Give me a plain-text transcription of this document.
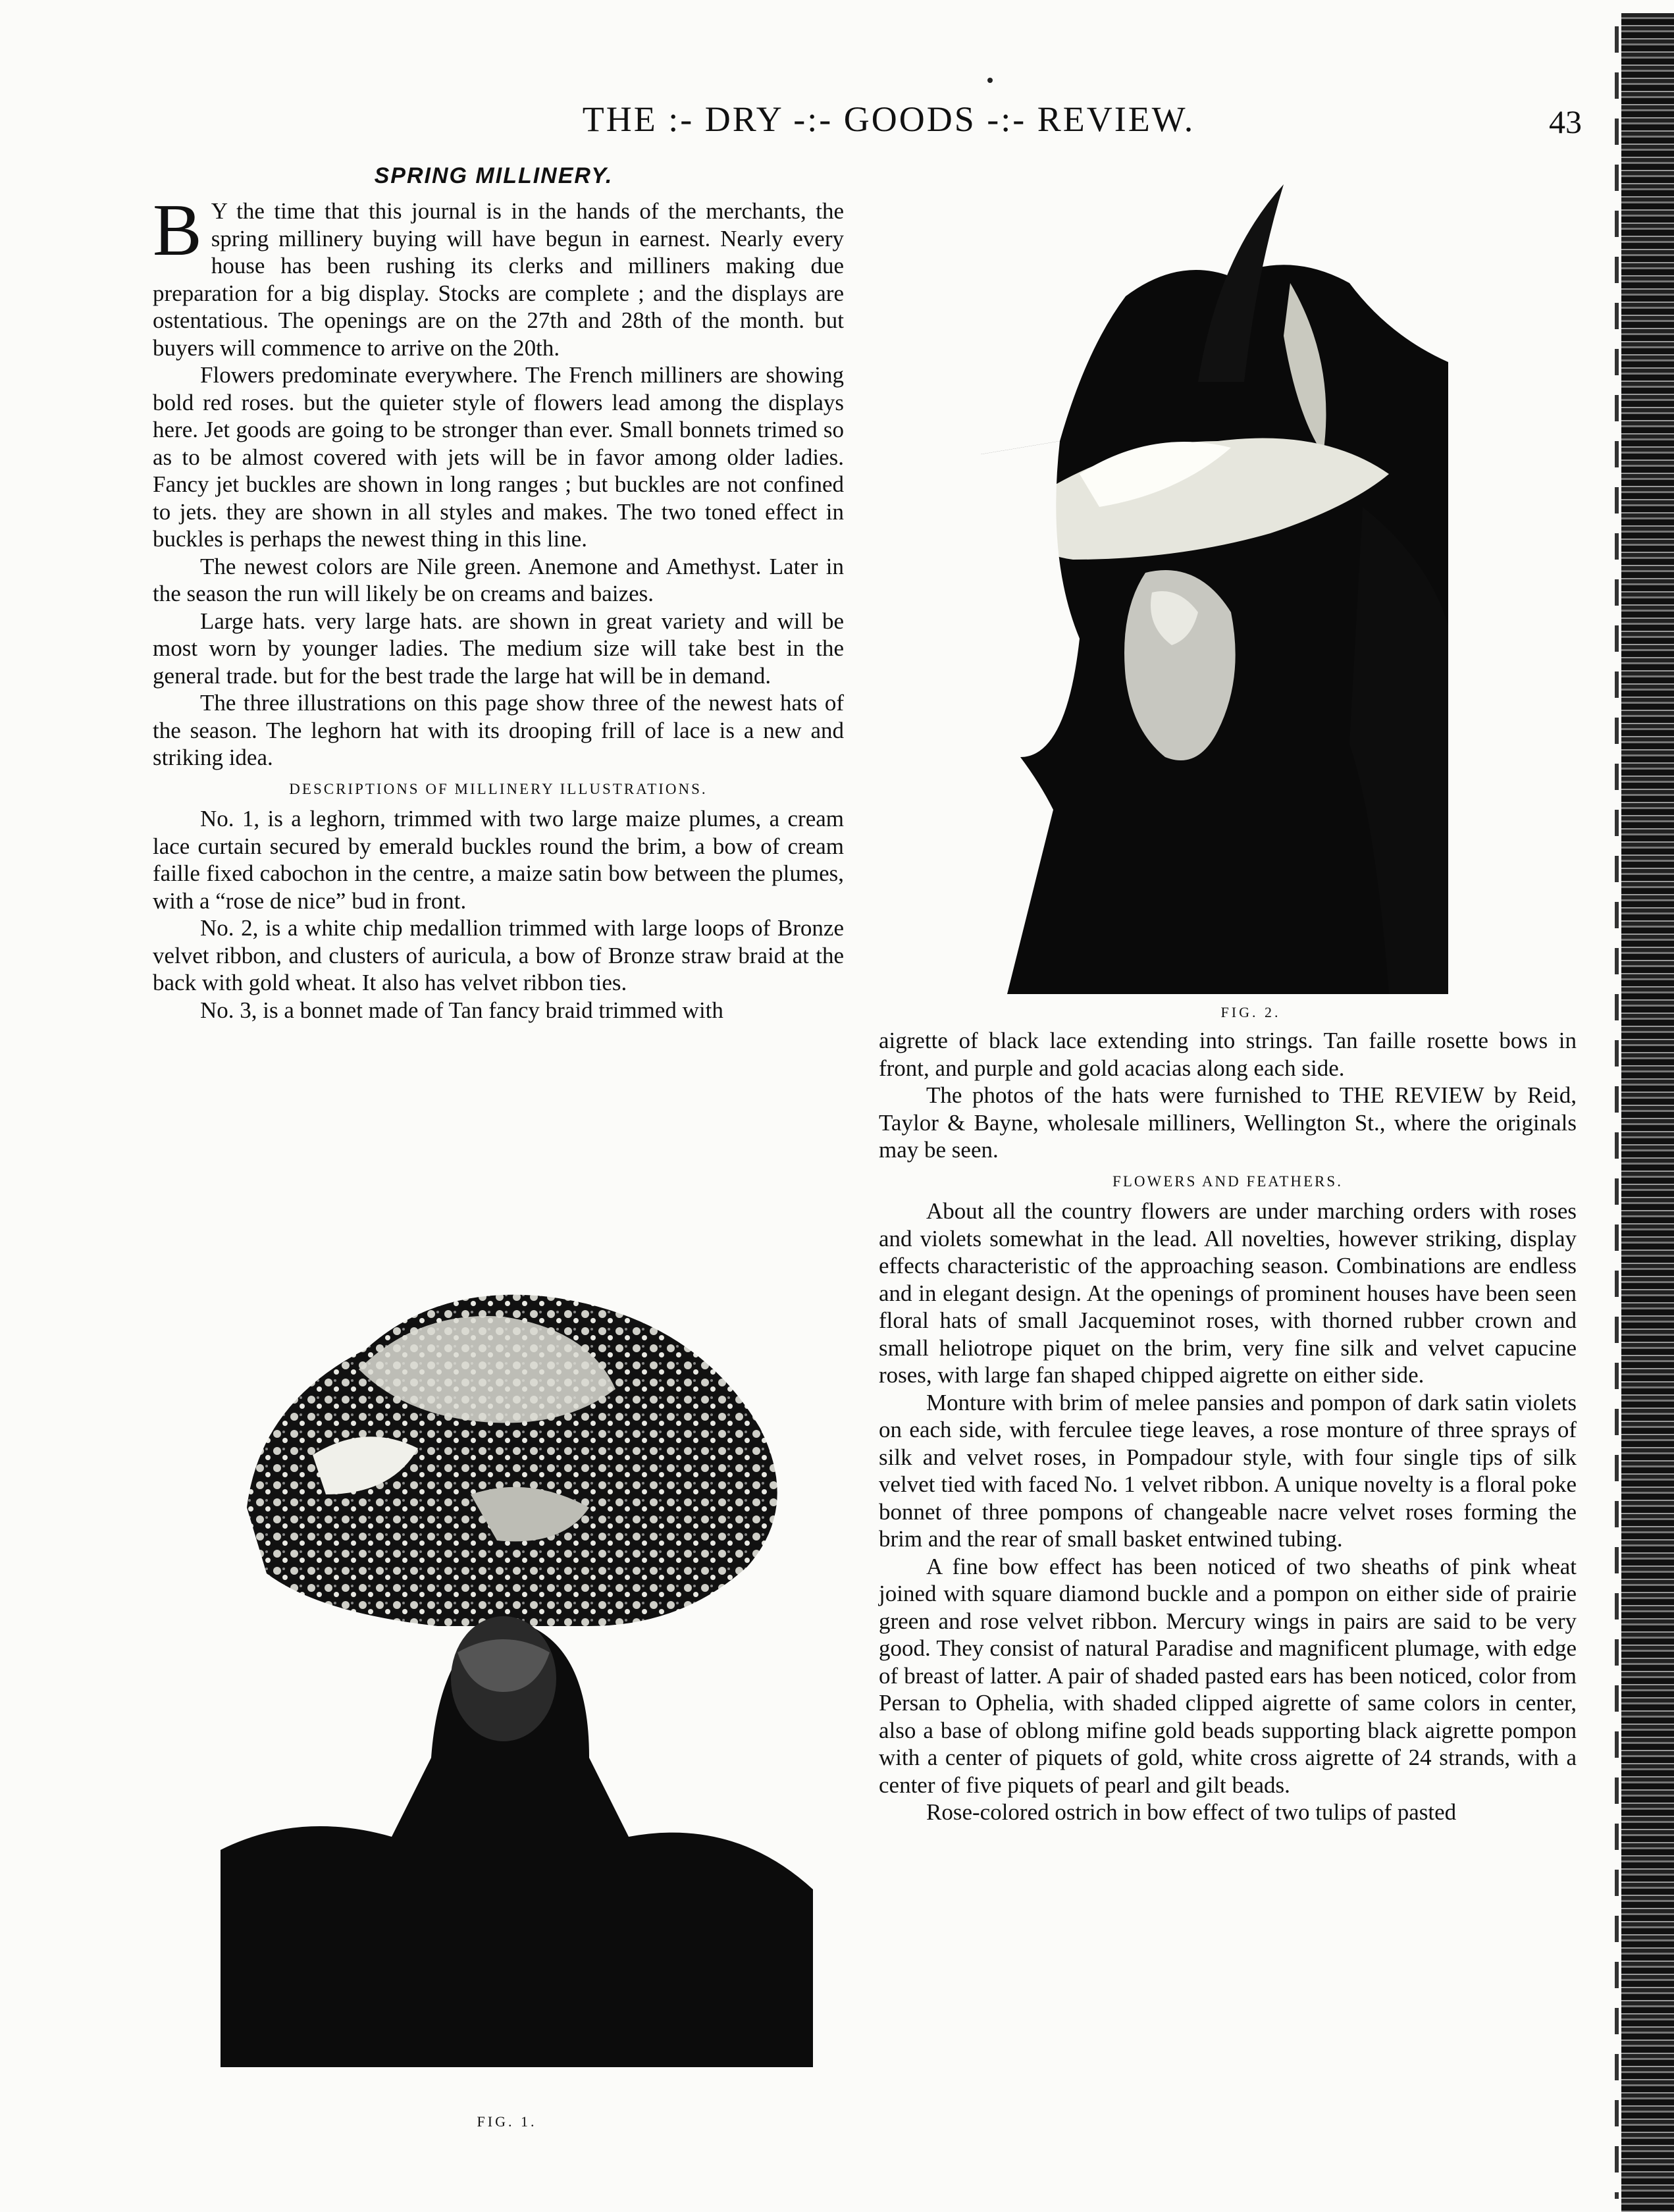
THE :- DRY -:- GOODS -:- REVIEW.	43
SPRING MILLINERY.

B Y the time that this journal is in the hands of the merchants, the spring millinery buying will have begun in earnest. Nearly every house has been rushing its clerks and milliners making due preparation for a big display. Stocks are complete ; and the displays are ostentatious. The openings are on the 27th and 28th of the month. but buyers will commence to arrive on the 20th.

Flowers predominate everywhere. The French milliners are showing bold red roses. but the quieter style of flowers lead among the displays here. Jet goods are going to be stronger than ever. Small bonnets trimed so as to be almost covered with jets will be in favor among older ladies. Fancy jet buckles are shown in long ranges ; but buckles are not confined to jets. they are shown in all styles and makes. The two toned effect in buckles is perhaps the newest thing in this line.

The newest colors are Nile green. Anemone and Amethyst. Later in the season the run will likely be on creams and baizes.

Large hats. very large hats. are shown in great variety and will be most worn by younger ladies. The medium size will take best in the general trade. but for the best trade the large hat will be in demand.

The three illustrations on this page show three of the newest hats of the season. The leghorn hat with its drooping frill of lace is a new and striking idea.

DESCRIPTIONS OF MILLINERY ILLUSTRATIONS.

No. 1, is a leghorn, trimmed with two large maize plumes, a cream lace curtain secured by emerald buckles round the brim, a bow of cream faille fixed cabochon in the centre, a maize satin bow between the plumes, with a “rose de nice” bud in front.

No. 2, is a white chip medallion trimmed with large loops of Bronze velvet ribbon, and clusters of auricula, a bow of Bronze straw braid at the back with gold wheat. It also has velvet ribbon ties.

No. 3, is a bonnet made of Tan fancy braid trimmed with

FIG. 1.
FIG. 2.

aigrette of black lace extending into strings. Tan faille rosette bows in front, and purple and gold acacias along each side.

The photos of the hats were furnished to THE REVIEW by Reid, Taylor & Bayne, wholesale milliners, Wellington St., where the originals may be seen.

FLOWERS AND FEATHERS.

About all the country flowers are under marching orders with roses and violets somewhat in the lead. All novelties, however striking, display effects characteristic of the approaching season. Combinations are endless and in elegant design. At the openings of prominent houses have been seen floral hats of small Jacqueminot roses, with thorned rubber crown and small heliotrope piquet on the brim, very fine silk and velvet capucine roses, with large fan shaped chipped aigrette on either side.

Monture with brim of melee pansies and pompon of dark satin violets on each side, with ferculee tiege leaves, a rose monture of three sprays of silk and velvet roses, in Pompadour style, with four single tips of silk velvet tied with faced No. 1 velvet ribbon. A unique novelty is a floral poke bonnet of three pompons of changeable nacre velvet roses forming the brim and the rear of small basket entwined tubing.

A fine bow effect has been noticed of two sheaths of pink wheat joined with square diamond buckle and a pompon on either side of prairie green and rose velvet ribbon. Mercury wings in pairs are said to be very good. They consist of natural Paradise and magnificent plumage, with edge of breast of latter. A pair of shaded pasted ears has been noticed, color from Persan to Ophelia, with shaded clipped aigrette of same colors in center, also a base of oblong mifine gold beads supporting black aigrette pompon with a center of piquets of gold, white cross aigrette of 24 strands, with a center of five piquets of pearl and gilt beads.

Rose-colored ostrich in bow effect of two tulips of pasted
